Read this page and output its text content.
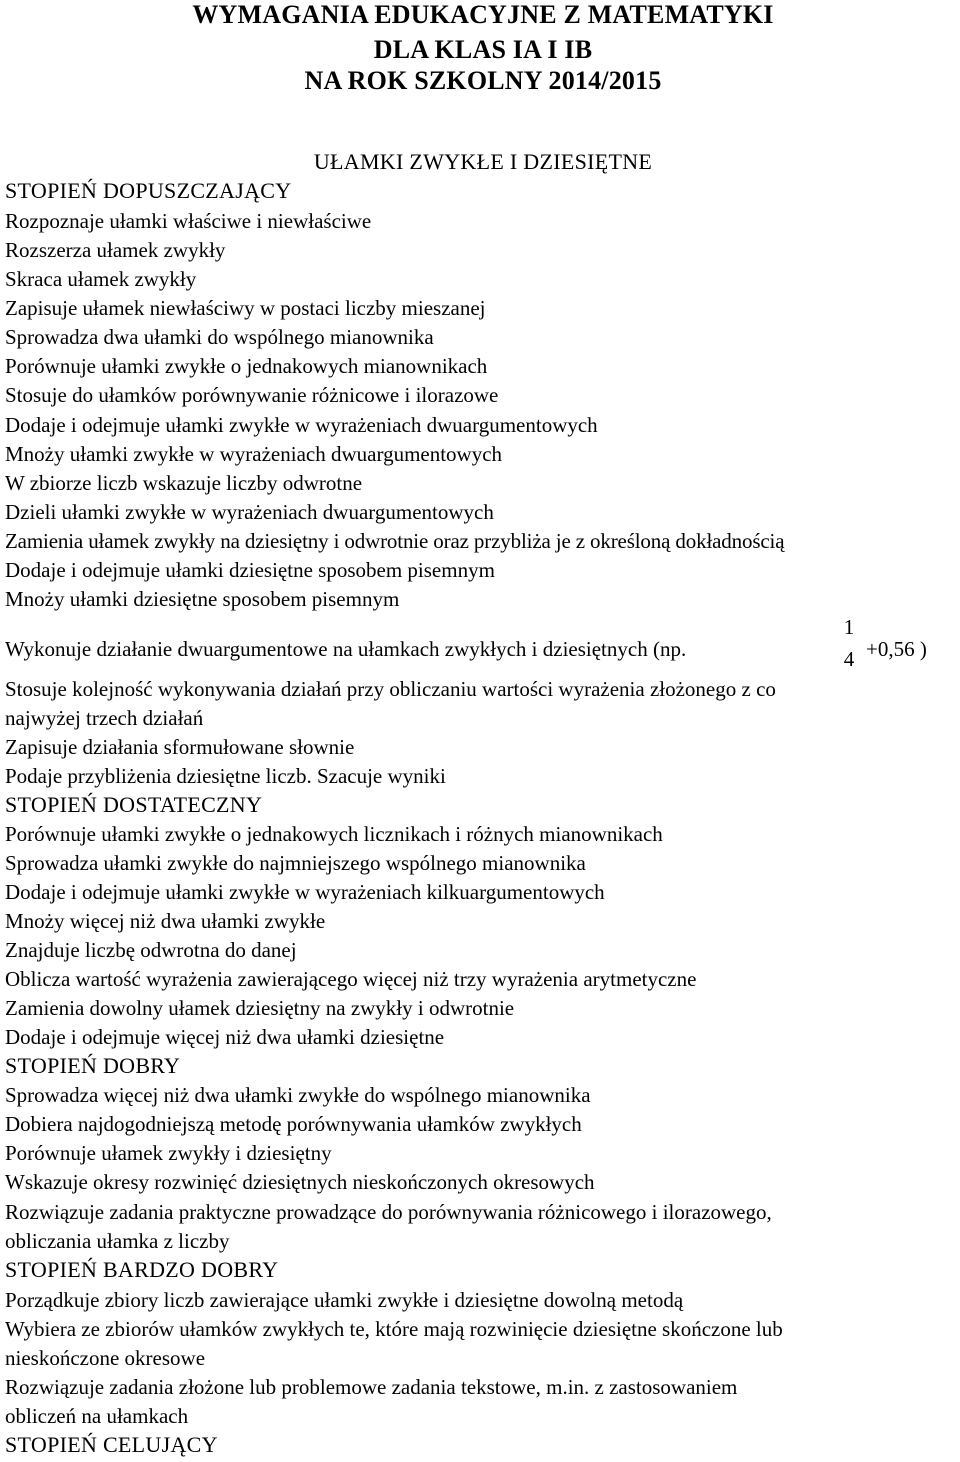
WYMAGANIA EDUKACYJNE Z MATEMATYKI
DLA KLAS IA I IB
NA ROK SZKOLNY 2014/2015
UŁAMKI ZWYKŁE I DZIESIĘTNE
STOPIEŃ DOPUSZCZAJĄCY
Rozpoznaje ułamki właściwe i niewłaściwe
Rozszerza ułamek zwykły
Skraca ułamek zwykły
Zapisuje ułamek niewłaściwy w postaci liczby mieszanej
Sprowadza dwa ułamki do wspólnego mianownika
Porównuje ułamki zwykłe o jednakowych mianownikach
Stosuje do ułamków porównywanie różnicowe i ilorazowe
Dodaje i odejmuje ułamki zwykłe w wyrażeniach dwuargumentowych
Mnoży ułamki zwykłe w wyrażeniach dwuargumentowych
W zbiorze liczb wskazuje liczby odwrotne
Dzieli ułamki zwykłe w wyrażeniach dwuargumentowych
Zamienia ułamek zwykły na dziesiętny i odwrotnie oraz przybliża je z określoną dokładnością
Dodaje i odejmuje ułamki dziesiętne sposobem pisemnym
Mnoży ułamki dziesiętne sposobem pisemnym
Wykonuje działanie dwuargumentowe na ułamkach zwykłych i dziesiętnych (np.
1
4 +0,56 )
Stosuje kolejność wykonywania działań przy obliczaniu wartości wyrażenia złożonego z co
najwyżej trzech działań
Zapisuje działania sformułowane słownie
Podaje przybliżenia dziesiętne liczb. Szacuje wyniki
STOPIEŃ DOSTATECZNY
Porównuje ułamki zwykłe o jednakowych licznikach i różnych mianownikach
Sprowadza ułamki zwykłe do najmniejszego wspólnego mianownika
Dodaje i odejmuje ułamki zwykłe w wyrażeniach kilkuargumentowych
Mnoży więcej niż dwa ułamki zwykłe
Znajduje liczbę odwrotna do danej
Oblicza wartość wyrażenia zawierającego więcej niż trzy wyrażenia arytmetyczne
Zamienia dowolny ułamek dziesiętny na zwykły i odwrotnie
Dodaje i odejmuje więcej niż dwa ułamki dziesiętne
STOPIEŃ DOBRY
Sprowadza więcej niż dwa ułamki zwykłe do wspólnego mianownika
Dobiera najdogodniejszą metodę porównywania ułamków zwykłych
Porównuje ułamek zwykły i dziesiętny
Wskazuje okresy rozwinięć dziesiętnych nieskończonych okresowych
Rozwiązuje zadania praktyczne prowadzące do porównywania różnicowego i ilorazowego,
obliczania ułamka z liczby
STOPIEŃ BARDZO DOBRY
Porządkuje zbiory liczb zawierające ułamki zwykłe i dziesiętne dowolną metodą
Wybiera ze zbiorów ułamków zwykłych te, które mają rozwinięcie dziesiętne skończone lub
nieskończone okresowe
Rozwiązuje zadania złożone lub problemowe zadania tekstowe, m.in. z zastosowaniem
obliczeń na ułamkach
STOPIEŃ CELUJĄCY
